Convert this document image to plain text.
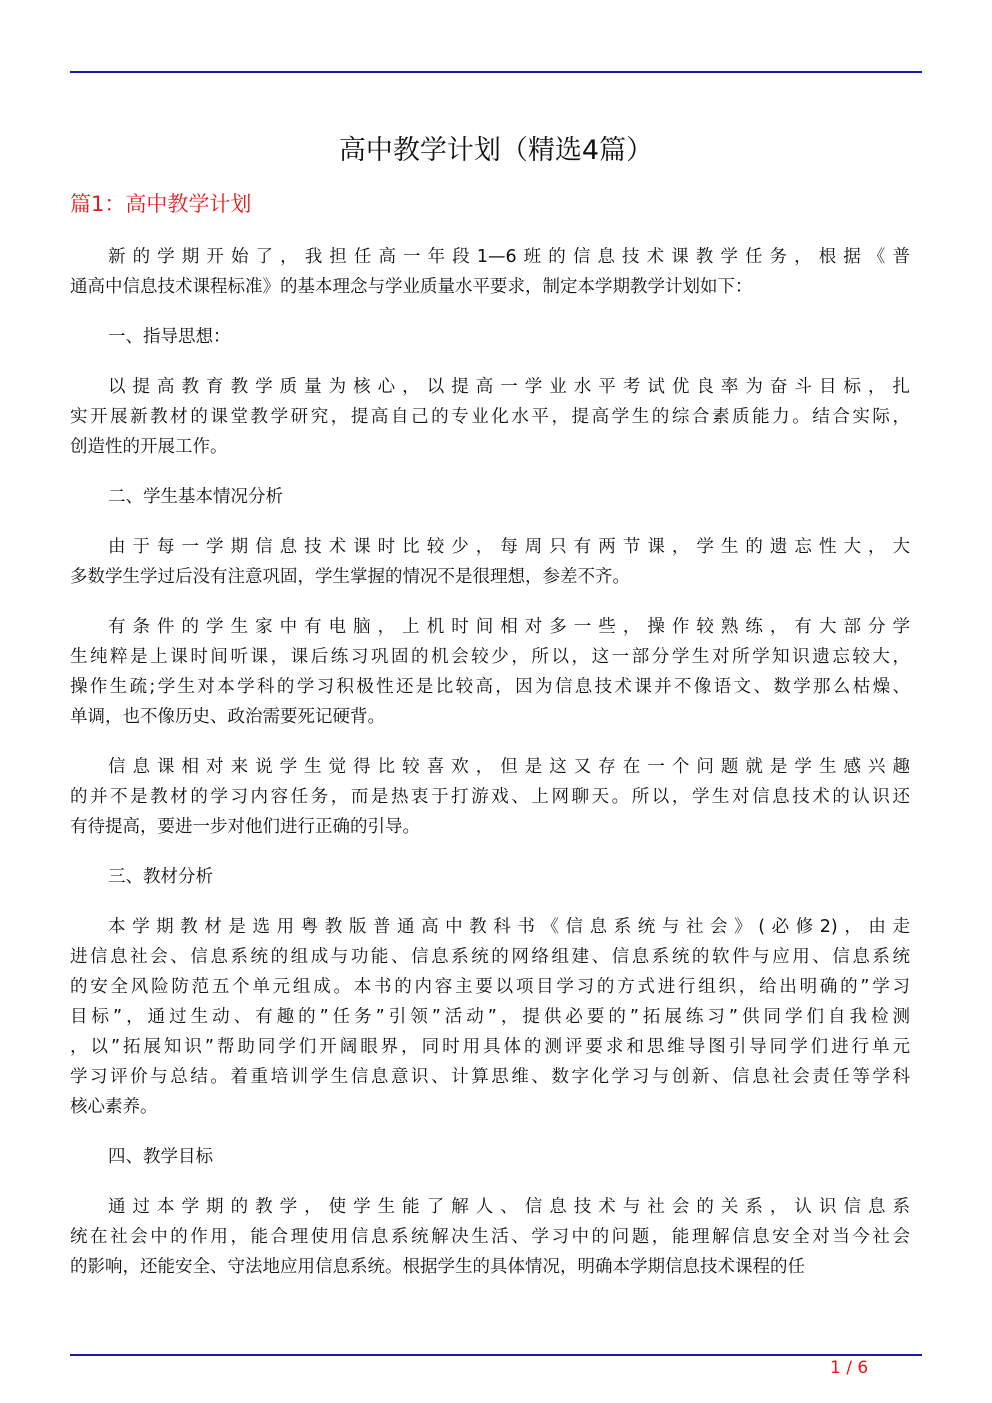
高中教学计划（精选4篇）
篇1：高中教学计划
新的学期开始了，我担任高一年段1—6班的信息技术课教学任务，根据《普
通高中信息技术课程标准》的基本理念与学业质量水平要求，制定本学期教学计划如下：
一、指导思想：
以提高教育教学质量为核心，以提高一学业水平考试优良率为奋斗目标，扎
实开展新教材的课堂教学研究，提高自己的专业化水平，提高学生的综合素质能力。结合实际，
创造性的开展工作。
二、学生基本情况分析
由于每一学期信息技术课时比较少，每周只有两节课，学生的遗忘性大，大
多数学生学过后没有注意巩固，学生掌握的情况不是很理想，参差不齐。
有条件的学生家中有电脑，上机时间相对多一些，操作较熟练，有大部分学
生纯粹是上课时间听课，课后练习巩固的机会较少，所以，这一部分学生对所学知识遗忘较大，
操作生疏;学生对本学科的学习积极性还是比较高，因为信息技术课并不像语文、数学那么枯燥、
单调，也不像历史、政治需要死记硬背。
信息课相对来说学生觉得比较喜欢，但是这又存在一个问题就是学生感兴趣
的并不是教材的学习内容任务，而是热衷于打游戏、上网聊天。所以，学生对信息技术的认识还
有待提高，要进一步对他们进行正确的引导。
三、教材分析
本学期教材是选用粤教版普通高中教科书《信息系统与社会》(必修2)，由走
进信息社会、信息系统的组成与功能、信息系统的网络组建、信息系统的软件与应用、信息系统
的安全风险防范五个单元组成。本书的内容主要以项目学习的方式进行组织，给出明确的”学习
目标”，通过生动、有趣的”任务”引领”活动”，提供必要的”拓展练习”供同学们自我检测
，以”拓展知识”帮助同学们开阔眼界，同时用具体的测评要求和思维导图引导同学们进行单元
学习评价与总结。着重培训学生信息意识、计算思维、数字化学习与创新、信息社会责任等学科
核心素养。
四、教学目标
通过本学期的教学，使学生能了解人、信息技术与社会的关系，认识信息系
统在社会中的作用，能合理使用信息系统解决生活、学习中的问题，能理解信息安全对当今社会
的影响，还能安全、守法地应用信息系统。根据学生的具体情况，明确本学期信息技术课程的任
1 / 6
